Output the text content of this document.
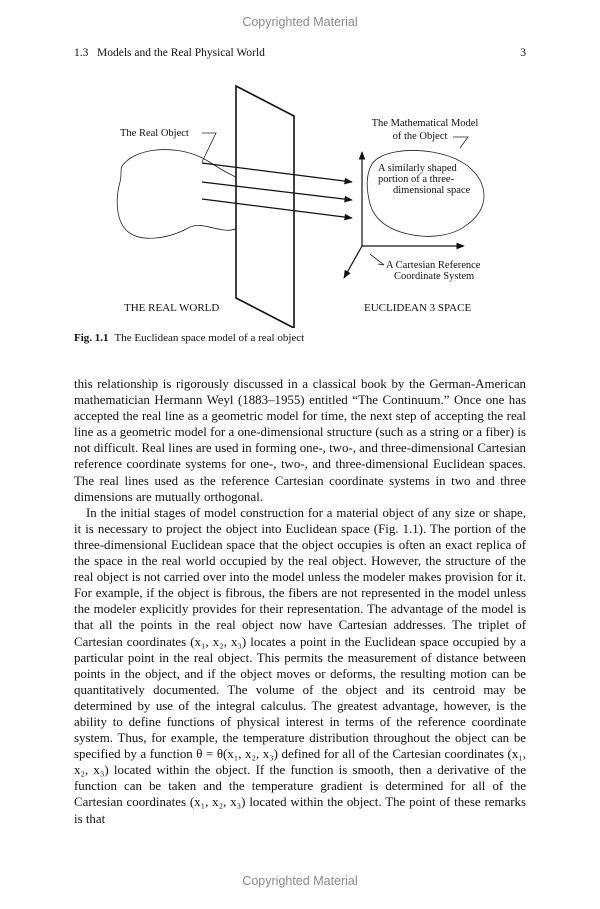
Copyrighted Material
1.3 Models and the Real Physical World	3
The Real Object
The Mathematical Model
of the Object
A similarly shaped
portion of a three-
dimensional space
A Cartesian Reference
Coordinate System
THE REAL WORLD	EUCLIDEAN 3 SPACE
Fig. 1.1 The Euclidean space model of a real object

this relationship is rigorously discussed in a classical book by the German-American mathematician Hermann Weyl (1883–1955) entitled “The Continuum.” Once one has accepted the real line as a geometric model for time, the next step of accepting the real line as a geometric model for a one-dimensional structure (such as a string or a fiber) is not difficult. Real lines are used in forming one-, two-, and three-dimensional Cartesian reference coordinate systems for one-, two-, and three-dimensional Euclidean spaces. The real lines used as the reference Cartesian coordinate systems in two and three dimensions are mutually orthogonal.

In the initial stages of model construction for a material object of any size or shape, it is necessary to project the object into Euclidean space (Fig. 1.1). The portion of the three-dimensional Euclidean space that the object occupies is often an exact replica of the space in the real world occupied by the real object. However, the structure of the real object is not carried over into the model unless the modeler makes provision for it. For example, if the object is fibrous, the fibers are not represented in the model unless the modeler explicitly provides for their representation. The advantage of the model is that all the points in the real object now have Cartesian addresses. The triplet of Cartesian coordinates (x₁, x₂, x₃) locates a point in the Euclidean space occupied by a particular point in the real object. This permits the measurement of distance between points in the object, and if the object moves or deforms, the resulting motion can be quantitatively documented. The volume of the object and its centroid may be determined by use of the integral calculus. The greatest advantage, however, is the ability to define functions of physical interest in terms of the reference coordinate system. Thus, for example, the temperature distribution throughout the object can be specified by a function θ = θ(x₁, x₂, x₃) defined for all of the Cartesian coordinates (x₁, x₂, x₃) located within the object. If the function is smooth, then a derivative of the function can be taken and the temperature gradient is determined for all of the Cartesian coordinates (x₁, x₂, x₃) located within the object. The point of these remarks is that

Copyrighted Material
